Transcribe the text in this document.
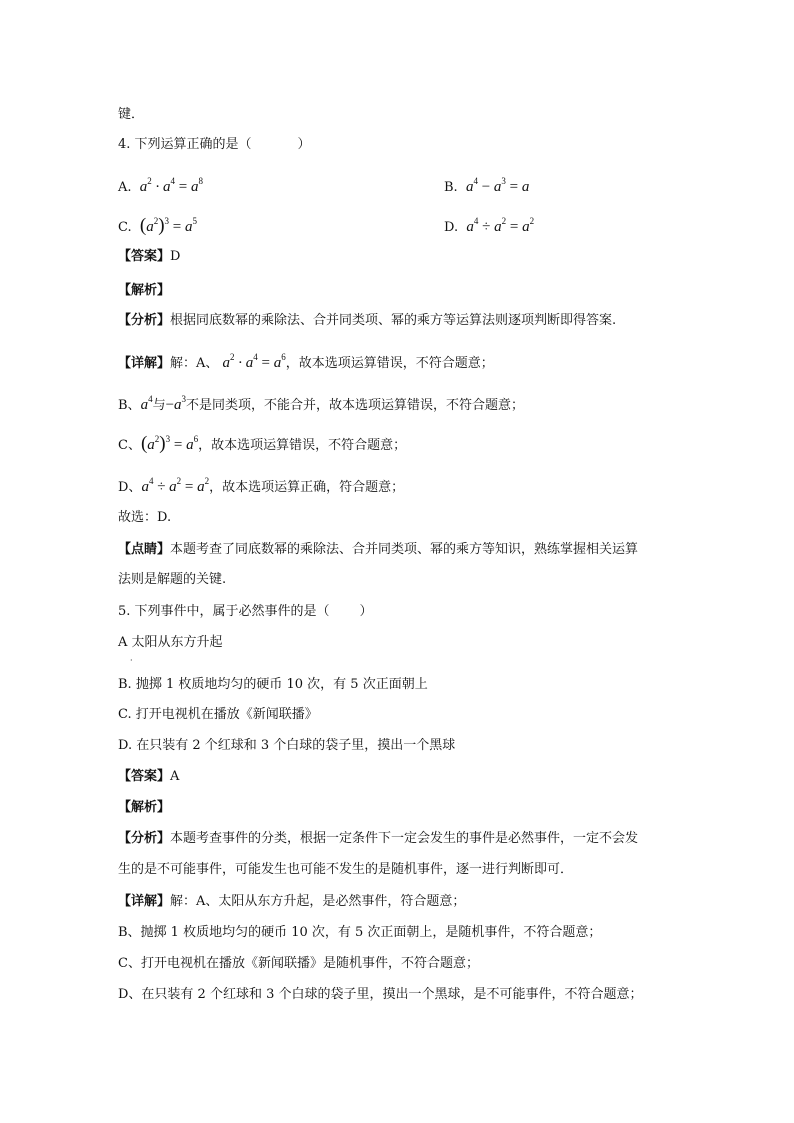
键．
4. 下列运算正确的是（	）
A. $a^2 \cdot a^4 = a^8$	B. $a^4 - a^3 = a$
C. $(a^2)^3 = a^5$	D. $a^4 \div a^2 = a^2$
【答案】D
【解析】
【分析】根据同底数幂的乘除法、合并同类项、幂的乘方等运算法则逐项判断即得答案.
【详解】解：A、 $a^2 \cdot a^4 = a^6$，故本选项运算错误，不符合题意；
B、$a^4$与$-a^3$不是同类项，不能合并，故本选项运算错误，不符合题意；
C、$(a^2)^3 = a^6$，故本选项运算错误，不符合题意；
D、$a^4 \div a^2 = a^2$，故本选项运算正确，符合题意；
故选：D.
【点睛】本题考查了同底数幂的乘除法、合并同类项、幂的乘方等知识，熟练掌握相关运算
法则是解题的关键.
5. 下列事件中，属于必然事件的是（ ）
A 太阳从东方升起
·
B. 抛掷 1 枚质地均匀的硬币 10 次，有 5 次正面朝上
C. 打开电视机在播放《新闻联播》
D. 在只装有 2 个红球和 3 个白球的袋子里，摸出一个黑球
【答案】A
【解析】
【分析】本题考查事件的分类，根据一定条件下一定会发生的事件是必然事件，一定不会发
生的是不可能事件，可能发生也可能不发生的是随机事件，逐一进行判断即可．
【详解】解：A、太阳从东方升起，是必然事件，符合题意；
B、抛掷 1 枚质地均匀的硬币 10 次，有 5 次正面朝上，是随机事件，不符合题意；
C、打开电视机在播放《新闻联播》是随机事件，不符合题意；
D、在只装有 2 个红球和 3 个白球的袋子里，摸出一个黑球，是不可能事件，不符合题意；
